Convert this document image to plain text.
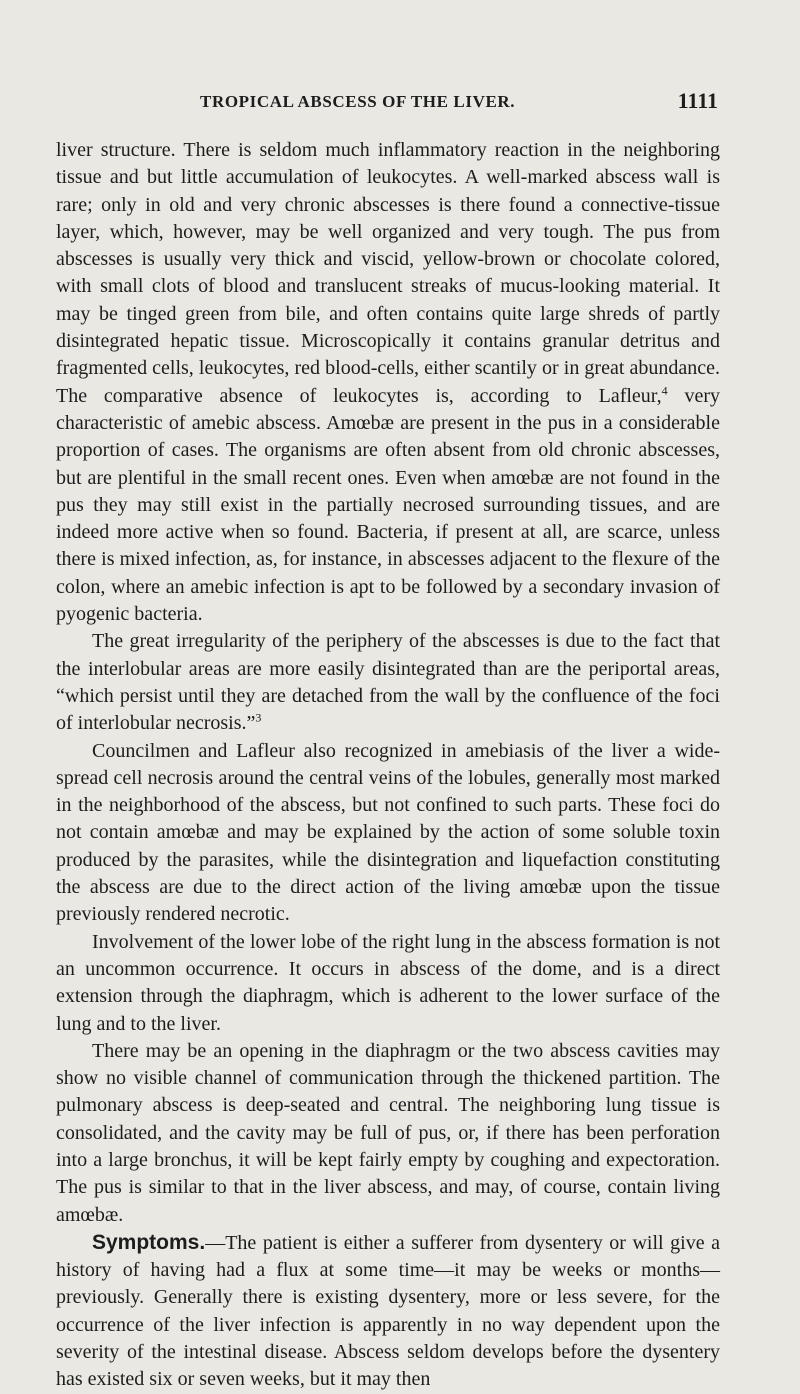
TROPICAL ABSCESS OF THE LIVER.	1111

liver structure. There is seldom much inflammatory reaction in the neighboring tissue and but little accumulation of leukocytes. A well-marked abscess wall is rare; only in old and very chronic abscesses is there found a connective-tissue layer, which, however, may be well organized and very tough. The pus from abscesses is usually very thick and viscid, yellow-brown or chocolate colored, with small clots of blood and translucent streaks of mucus-looking material. It may be tinged green from bile, and often contains quite large shreds of partly disintegrated hepatic tissue. Microscopically it contains granular detritus and fragmented cells, leukocytes, red blood-cells, either scantily or in great abundance. The comparative absence of leukocytes is, according to Lafleur,$^4$ very characteristic of amebic abscess. Amœbæ are present in the pus in a considerable proportion of cases. The organisms are often absent from old chronic abscesses, but are plentiful in the small recent ones. Even when amœbæ are not found in the pus they may still exist in the partially necrosed surrounding tissues, and are indeed more active when so found. Bacteria, if present at all, are scarce, unless there is mixed infection, as, for instance, in abscesses adjacent to the flexure of the colon, where an amebic infection is apt to be followed by a secondary invasion of pyogenic bacteria.

The great irregularity of the periphery of the abscesses is due to the fact that the interlobular areas are more easily disintegrated than are the periportal areas, “which persist until they are detached from the wall by the confluence of the foci of interlobular necrosis.”$^3$

Councilmen and Lafleur also recognized in amebiasis of the liver a wide-spread cell necrosis around the central veins of the lobules, generally most marked in the neighborhood of the abscess, but not confined to such parts. These foci do not contain amœbæ and may be explained by the action of some soluble toxin produced by the parasites, while the disintegration and liquefaction constituting the abscess are due to the direct action of the living amœbæ upon the tissue previously rendered necrotic.

Involvement of the lower lobe of the right lung in the abscess formation is not an uncommon occurrence. It occurs in abscess of the dome, and is a direct extension through the diaphragm, which is adherent to the lower surface of the lung and to the liver.

There may be an opening in the diaphragm or the two abscess cavities may show no visible channel of communication through the thickened partition. The pulmonary abscess is deep-seated and central. The neighboring lung tissue is consolidated, and the cavity may be full of pus, or, if there has been perforation into a large bronchus, it will be kept fairly empty by coughing and expectoration. The pus is similar to that in the liver abscess, and may, of course, contain living amœbæ.

Symptoms.—The patient is either a sufferer from dysentery or will give a history of having had a flux at some time—it may be weeks or months—previously. Generally there is existing dysentery, more or less severe, for the occurrence of the liver infection is apparently in no way dependent upon the severity of the intestinal disease. Abscess seldom develops before the dysentery has existed six or seven weeks, but it may then
